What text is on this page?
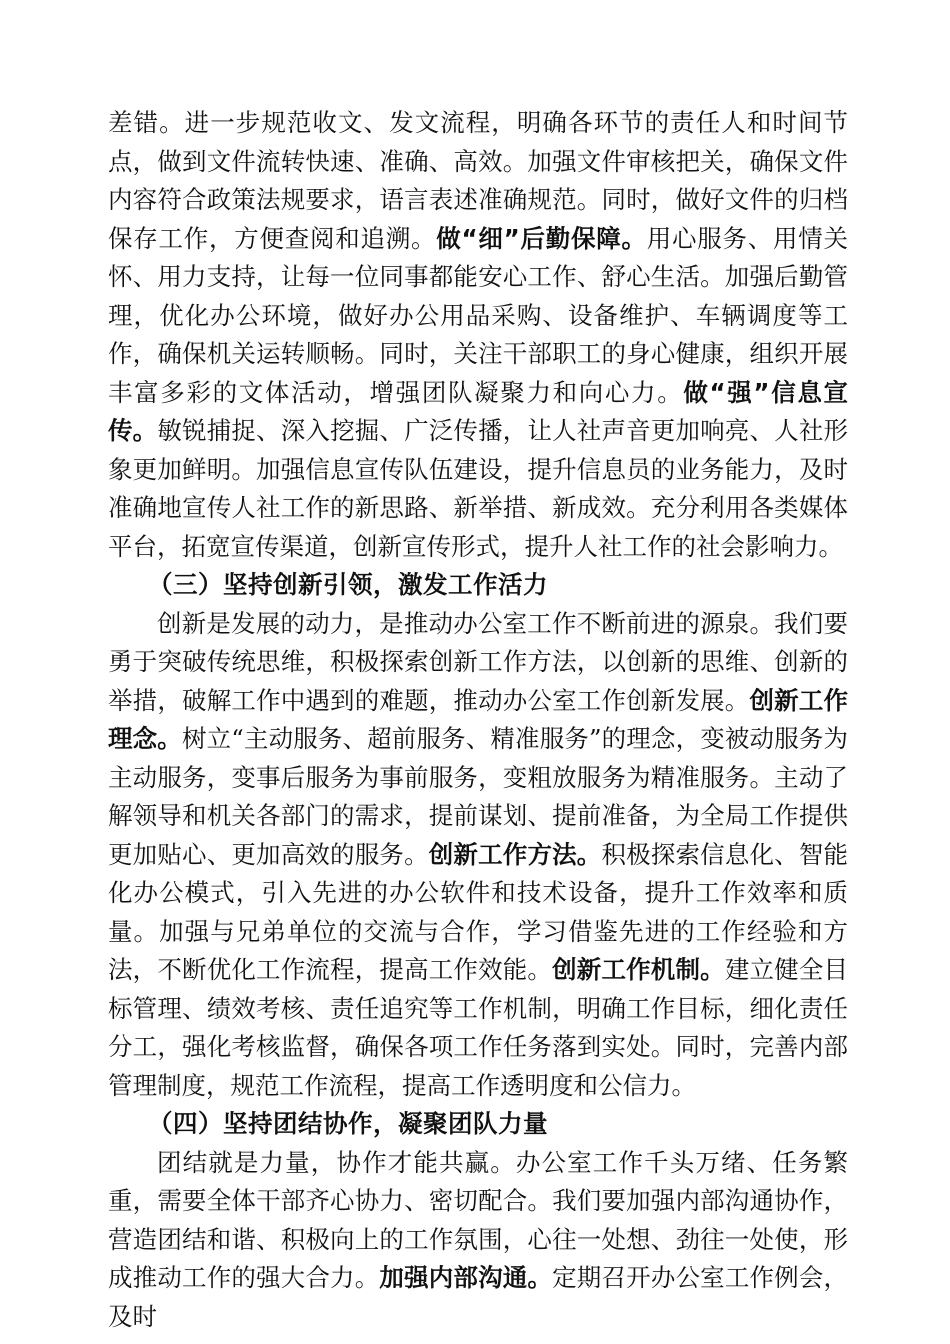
差错。进一步规范收文、发文流程，明确各环节的责任人和时间节点，做到文件流转快速、准确、高效。加强文件审核把关，确保文件内容符合政策法规要求，语言表述准确规范。同时，做好文件的归档保存工作，方便查阅和追溯。做“细”后勤保障。用心服务、用情关怀、用力支持，让每一位同事都能安心工作、舒心生活。加强后勤管理，优化办公环境，做好办公用品采购、设备维护、车辆调度等工作，确保机关运转顺畅。同时，关注干部职工的身心健康，组织开展丰富多彩的文体活动，增强团队凝聚力和向心力。做“强”信息宣传。敏锐捕捉、深入挖掘、广泛传播，让人社声音更加响亮、人社形象更加鲜明。加强信息宣传队伍建设，提升信息员的业务能力，及时准确地宣传人社工作的新思路、新举措、新成效。充分利用各类媒体平台，拓宽宣传渠道，创新宣传形式，提升人社工作的社会影响力。

（三）坚持创新引领，激发工作活力

创新是发展的动力，是推动办公室工作不断前进的源泉。我们要勇于突破传统思维，积极探索创新工作方法，以创新的思维、创新的举措，破解工作中遇到的难题，推动办公室工作创新发展。创新工作理念。树立“主动服务、超前服务、精准服务”的理念，变被动服务为主动服务，变事后服务为事前服务，变粗放服务为精准服务。主动了解领导和机关各部门的需求，提前谋划、提前准备，为全局工作提供更加贴心、更加高效的服务。创新工作方法。积极探索信息化、智能化办公模式，引入先进的办公软件和技术设备，提升工作效率和质量。加强与兄弟单位的交流与合作，学习借鉴先进的工作经验和方法，不断优化工作流程，提高工作效能。创新工作机制。建立健全目标管理、绩效考核、责任追究等工作机制，明确工作目标，细化责任分工，强化考核监督，确保各项工作任务落到实处。同时，完善内部管理制度，规范工作流程，提高工作透明度和公信力。

（四）坚持团结协作，凝聚团队力量

团结就是力量，协作才能共赢。办公室工作千头万绪、任务繁重，需要全体干部齐心协力、密切配合。我们要加强内部沟通协作，营造团结和谐、积极向上的工作氛围，心往一处想、劲往一处使，形成推动工作的强大合力。加强内部沟通。定期召开办公室工作例会，及时
